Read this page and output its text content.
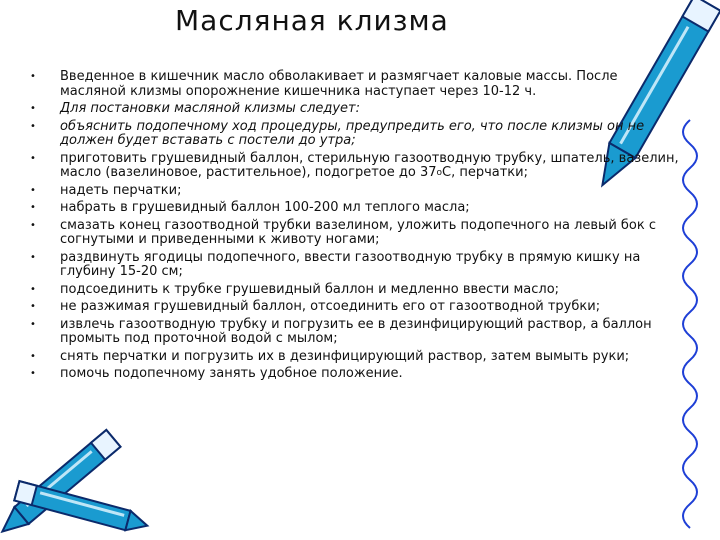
Масляная клизма
• Введенное в кишечник масло обволакивает и размягчает каловые массы. После масляной клизмы опорожнение кишечника наступает через 10-12 ч.
• Для постановки масляной клизмы следует:
• объяснить подопечному ход процедуры, предупредить его, что после клизмы он не должен будет вставать с постели до утра;
• приготовить грушевидный баллон, стерильную газоотводную трубку, шпатель, вазелин, масло (вазелиновое, растительное), подогретое до $37^оС$, перчатки;
• надеть перчатки;
• набрать в грушевидный баллон 100-200 мл теплого масла;
• смазать конец газоотводной трубки вазелином, уложить подопечного на левый бок с согнутыми и приведенными к животу ногами;
• раздвинуть ягодицы подопечного, ввести газоотводную трубку в прямую кишку на глубину 15-20 см;
• подсоединить к трубке грушевидный баллон и медленно ввести масло;
• не разжимая грушевидный баллон, отсоединить его от газоотводной трубки;
• извлечь газоотводную трубку и погрузить ее в дезинфицирующий раствор, а баллон промыть под проточной водой с мылом;
• снять перчатки и погрузить их в дезинфицирующий раствор, затем вымыть руки;
• помочь подопечному занять удобное положение.
